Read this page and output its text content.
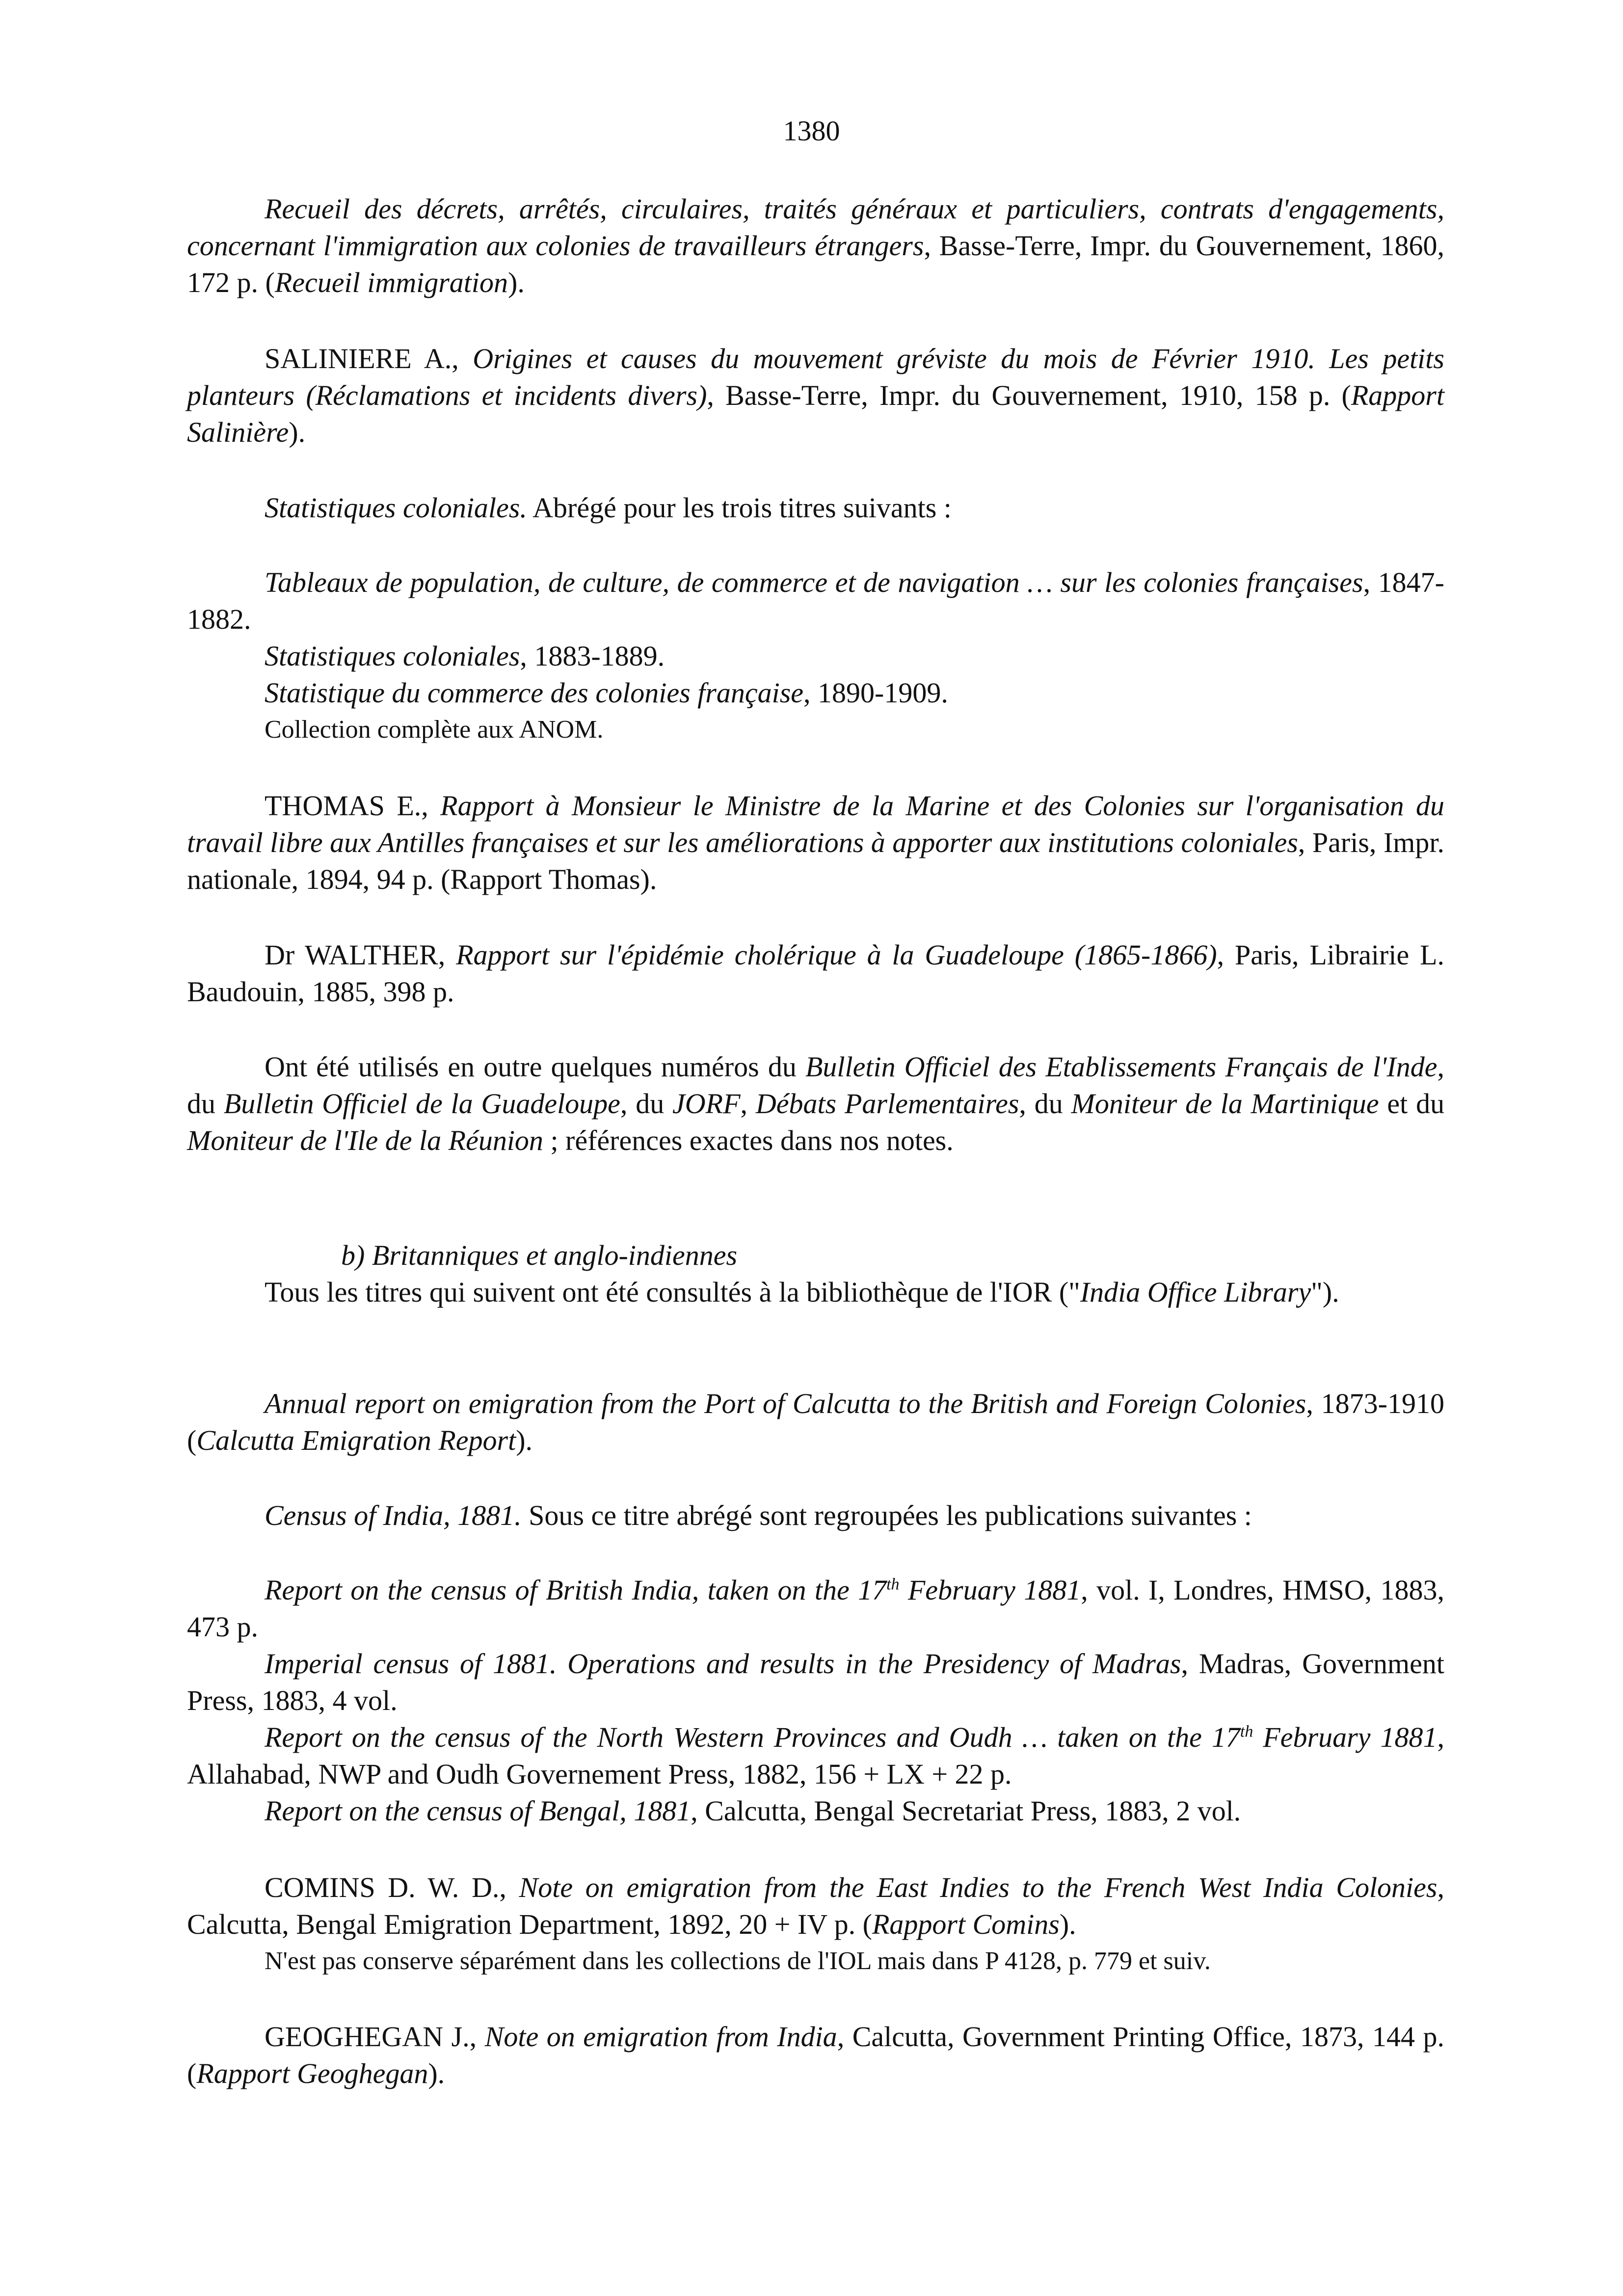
1380

Recueil des décrets, arrêtés, circulaires, traités généraux et particuliers, contrats d'engagements, concernant l'immigration aux colonies de travailleurs étrangers, Basse-Terre, Impr. du Gouvernement, 1860, 172 p. (Recueil immigration).

SALINIERE A., Origines et causes du mouvement gréviste du mois de Février 1910. Les petits planteurs (Réclamations et incidents divers), Basse-Terre, Impr. du Gouvernement, 1910, 158 p. (Rapport Salinière).

Statistiques coloniales. Abrégé pour les trois titres suivants :

Tableaux de population, de culture, de commerce et de navigation … sur les colonies françaises, 1847-1882.

Statistiques coloniales, 1883-1889.

Statistique du commerce des colonies française, 1890-1909.

Collection complète aux ANOM.

THOMAS E., Rapport à Monsieur le Ministre de la Marine et des Colonies sur l'organisation du travail libre aux Antilles françaises et sur les améliorations à apporter aux institutions coloniales, Paris, Impr. nationale, 1894, 94 p. (Rapport Thomas).

Dr WALTHER, Rapport sur l'épidémie cholérique à la Guadeloupe (1865-1866), Paris, Librairie L. Baudouin, 1885, 398 p.

Ont été utilisés en outre quelques numéros du Bulletin Officiel des Etablissements Français de l'Inde, du Bulletin Officiel de la Guadeloupe, du JORF, Débats Parlementaires, du Moniteur de la Martinique et du Moniteur de l'Ile de la Réunion ; références exactes dans nos notes.

b) Britanniques et anglo-indiennes

Tous les titres qui suivent ont été consultés à la bibliothèque de l'IOR ("India Office Library").

Annual report on emigration from the Port of Calcutta to the British and Foreign Colonies, 1873-1910 (Calcutta Emigration Report).

Census of India, 1881. Sous ce titre abrégé sont regroupées les publications suivantes :

Report on the census of British India, taken on the 17th February 1881, vol. I, Londres, HMSO, 1883, 473 p.

Imperial census of 1881. Operations and results in the Presidency of Madras, Madras, Government Press, 1883, 4 vol.

Report on the census of the North Western Provinces and Oudh … taken on the 17th February 1881, Allahabad, NWP and Oudh Governement Press, 1882, 156 + LX + 22 p.

Report on the census of Bengal, 1881, Calcutta, Bengal Secretariat Press, 1883, 2 vol.

COMINS D. W. D., Note on emigration from the East Indies to the French West India Colonies, Calcutta, Bengal Emigration Department, 1892, 20 + IV p. (Rapport Comins).

N'est pas conserve séparément dans les collections de l'IOL mais dans P 4128, p. 779 et suiv.

GEOGHEGAN J., Note on emigration from India, Calcutta, Government Printing Office, 1873, 144 p. (Rapport Geoghegan).
